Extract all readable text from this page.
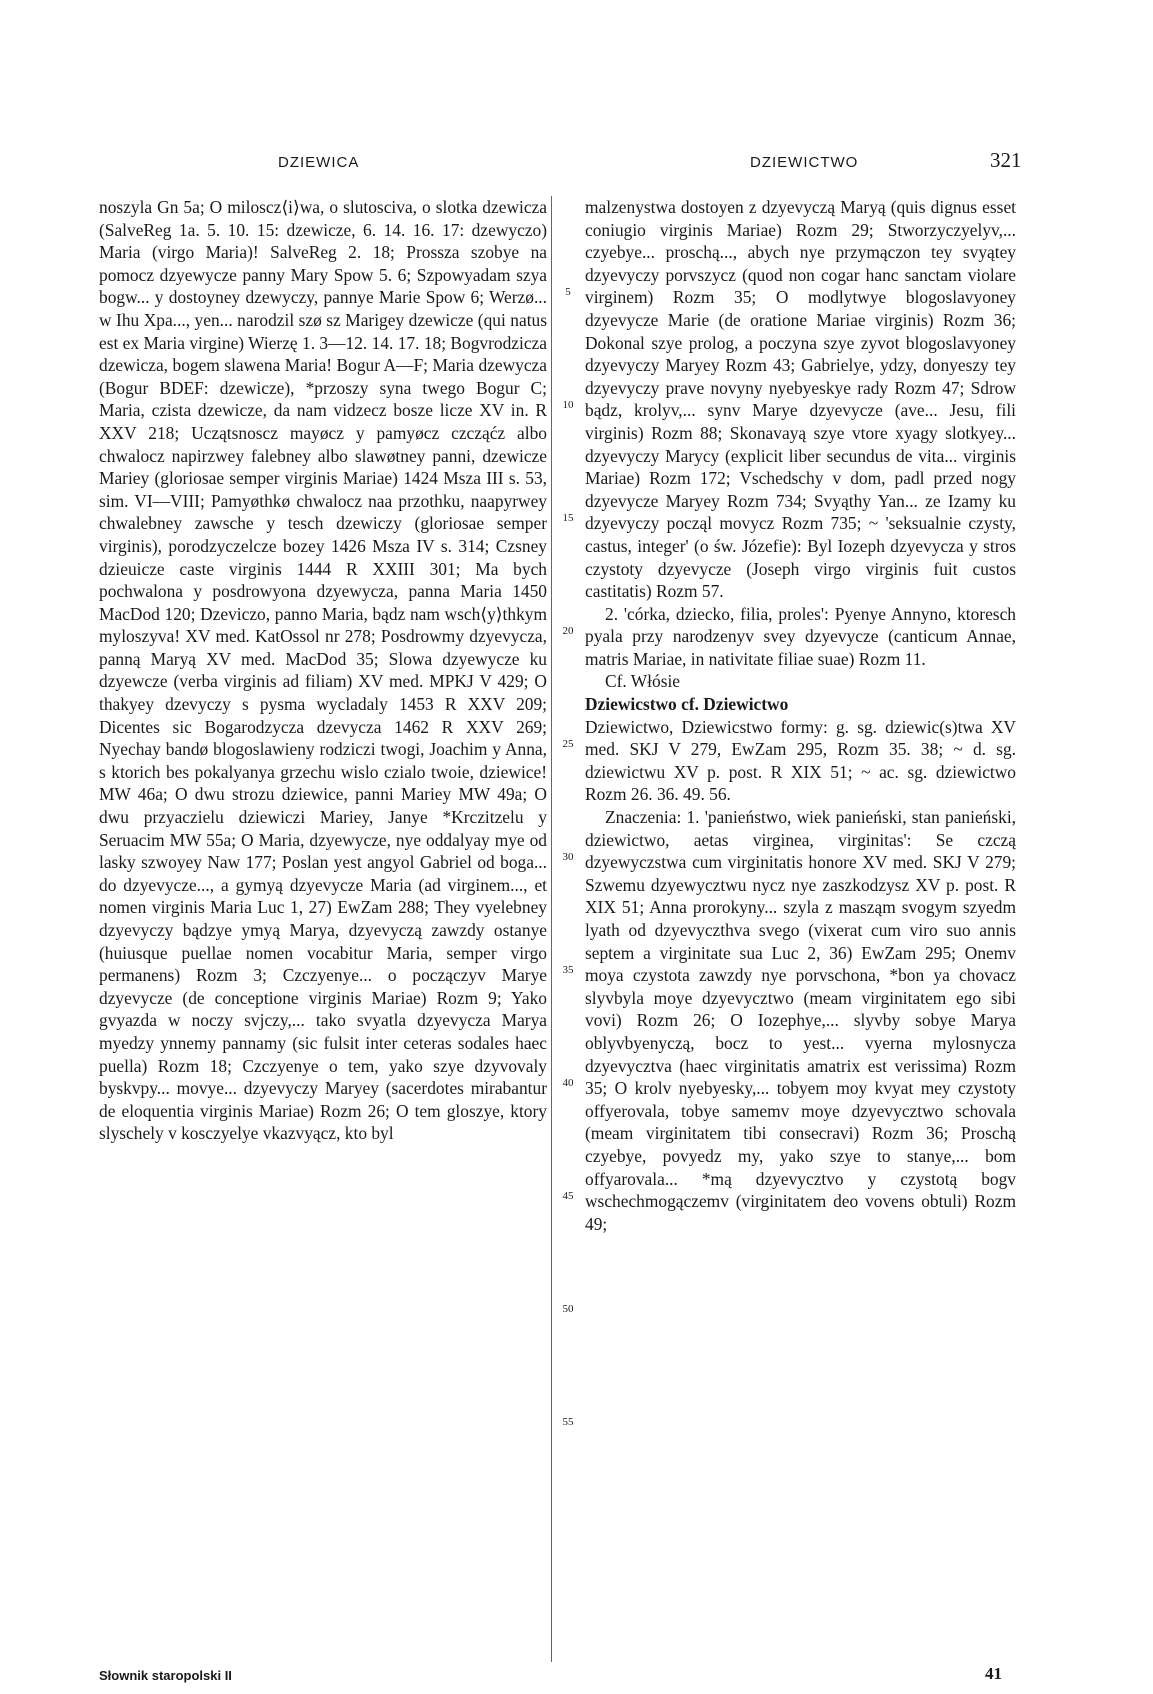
DZIEWICA	DZIEWICTWO	321

noszyla Gn 5a; O miloscz⟨i⟩wa, o slutosciva, o slotka dzewicza (SalveReg 1a. 5. 10. 15: dzewicze, 6. 14. 16. 17: dzewyczo) Maria (virgo Maria)! SalveReg 2. 18; Prossza szobye na pomocz dzyewycze panny Mary Spow 5. 6; Szpowyadam szya bogw... y dostoyney dzewyczy, pannye Marie Spow 6; Werzø... w Ihu Xpa..., yen... narodzil szø sz Marigey dzewicze (qui natus est ex Maria virgine) Wierzę 1. 3—12. 14. 17. 18; Bogvrodzicza dzewicza, bogem slawena Maria! Bogur A—F; Maria dzewycza (Bogur BDEF: dzewicze), *przoszy syna twego Bogur C; Maria, czista dzewicze, da nam vidzecz bosze licze XV in. R XXV 218; Uczątsnoscz mayøcz y pamyøcz czcząćz albo chwalocz napirzwey falebney albo slawøtney panni, dzewicze Mariey (gloriosae semper virginis Mariae) 1424 Msza III s. 53, sim. VI—VIII; Pamyøthkø chwalocz naa przothku, naapyrwey chwalebney zawsche y tesch dzewiczy (gloriosae semper virginis), porodzyczelcze bozey 1426 Msza IV s. 314; Czsney dzieuicze caste virginis 1444 R XXIII 301; Ma bych pochwalona y posdrowyona dzyewycza, panna Maria 1450 MacDod 120; Dzeviczo, panno Maria, bądz nam wsch⟨y⟩thkym myloszyva! XV med. KatOssol nr 278; Posdrowmy dzyevycza, panną Maryą XV med. MacDod 35; Slowa dzyewycze ku dzyewcze (verba virginis ad filiam) XV med. MPKJ V 429; O thakyey dzevyczy s pysma wycladaly 1453 R XXV 209; Dicentes sic Bogarodzycza dzevycza 1462 R XXV 269; Nyechay bandø blogoslawieny rodziczi twogi, Joachim y Anna, s ktorich bes pokalyanya grzechu wislo czialo twoie, dziewice! MW 46a; O dwu strozu dziewice, panni Mariey MW 49a; O dwu przyaczielu dziewiczi Mariey, Janye *Krczitzelu y Seruacim MW 55a; O Maria, dzyewycze, nye oddalyay mye od lasky szwoyey Naw 177; Poslan yest angyol Gabriel od boga... do dzyevycze..., a gymyą dzyevycze Maria (ad virginem..., et nomen virginis Maria Luc 1, 27) EwZam 288; They vyelebney dzyevyczy bądzye ymyą Marya, dzyevyczą zawzdy ostanye (huiusque puellae nomen vocabitur Maria, semper virgo permanens) Rozm 3; Czczyenye... o począczyv Marye dzyevycze (de conceptione virginis Mariae) Rozm 9; Yako gvyazda w noczy svjczy,... tako svyatla dzyevycza Marya myedzy ynnemy pannamy (sic fulsit inter ceteras sodales haec puella) Rozm 18; Czczyenye o tem, yako szye dzyvovaly byskvpy... movye... dzyevyczy Maryey (sacerdotes mirabantur de eloquentia virginis Mariae) Rozm 26; O tem gloszye, ktory slyschely v kosczyelye vkazvyącz, kto byl

5
10
15
20
25
30
35
40
45
50
55

malzenystwa dostoyen z dzyevyczą Maryą (quis dignus esset coniugio virginis Mariae) Rozm 29; Stworzyczyelyv,... czyebye... proschą..., abych nye przymączon tey svyątey dzyevyczy porvszycz (quod non cogar hanc sanctam violare virginem) Rozm 35; O modlytwye blogoslavyoney dzyevycze Marie (de oratione Mariae virginis) Rozm 36; Dokonal szye prolog, a poczyna szye zyvot blogoslavyoney dzyevyczy Maryey Rozm 43; Gabrielye, ydzy, donyeszy tey dzyevyczy prave novyny nyebyeskye rady Rozm 47; Sdrow bądz, krolyv,... synv Marye dzyevycze (ave... Jesu, fili virginis) Rozm 88; Skonavayą szye vtore xyagy slotkyey... dzyevyczy Marycy (explicit liber secundus de vita... virginis Mariae) Rozm 172; Vschedschy v dom, padl przed nogy dzyevycze Maryey Rozm 734; Svyąthy Yan... ze Izamy ku dzyevyczy począl movycz Rozm 735; ~ 'seksualnie czysty, castus, integer' (o św. Józefie): Byl Iozeph dzyevycza y stros czystoty dzyevycze (Joseph virgo virginis fuit custos castitatis) Rozm 57.

2. 'córka, dziecko, filia, proles': Pyenye Annyno, ktoresch pyala przy narodzenyv svey dzyevycze (canticum Annae, matris Mariae, in nativitate filiae suae) Rozm 11.

Cf. Włósie

Dziewicstwo cf. Dziewictwo

Dziewictwo, Dziewicstwo formy: g. sg. dziewic(s)twa XV med. SKJ V 279, EwZam 295, Rozm 35. 38; ~ d. sg. dziewictwu XV p. post. R XIX 51; ~ ac. sg. dziewictwo Rozm 26. 36. 49. 56.

Znaczenia: 1. 'panieństwo, wiek panieński, stan panieński, dziewictwo, aetas virginea, virginitas': Se czczą dzyewyczstwa cum virginitatis honore XV med. SKJ V 279; Szwemu dzyewycztwu nycz nye zaszkodzysz XV p. post. R XIX 51; Anna prorokyny... szyla z masząm svogym szyedm lyath od dzyevyczthva svego (vixerat cum viro suo annis septem a virginitate sua Luc 2, 36) EwZam 295; Onemv moya czystota zawzdy nye porvschona, *bon ya chovacz slyvbyla moye dzyevycztwo (meam virginitatem ego sibi vovi) Rozm 26; O Iozephye,... slyvby sobye Marya oblyvbyenyczą, bocz to yest... vyerna mylosnycza dzyevycztva (haec virginitatis amatrix est verissima) Rozm 35; O krolv nyebyesky,... tobyem moy kvyat mey czystoty offyerovala, tobye samemv moye dzyevycztwo schovala (meam virginitatem tibi consecravi) Rozm 36; Proschą czyebye, povyedz my, yako szye to stanye,... bom offyarovala... *mą dzyevycztvo y czystotą bogv wschechmogączemv (virginitatem deo vovens obtuli) Rozm 49;

Słownik staropolski II	41
